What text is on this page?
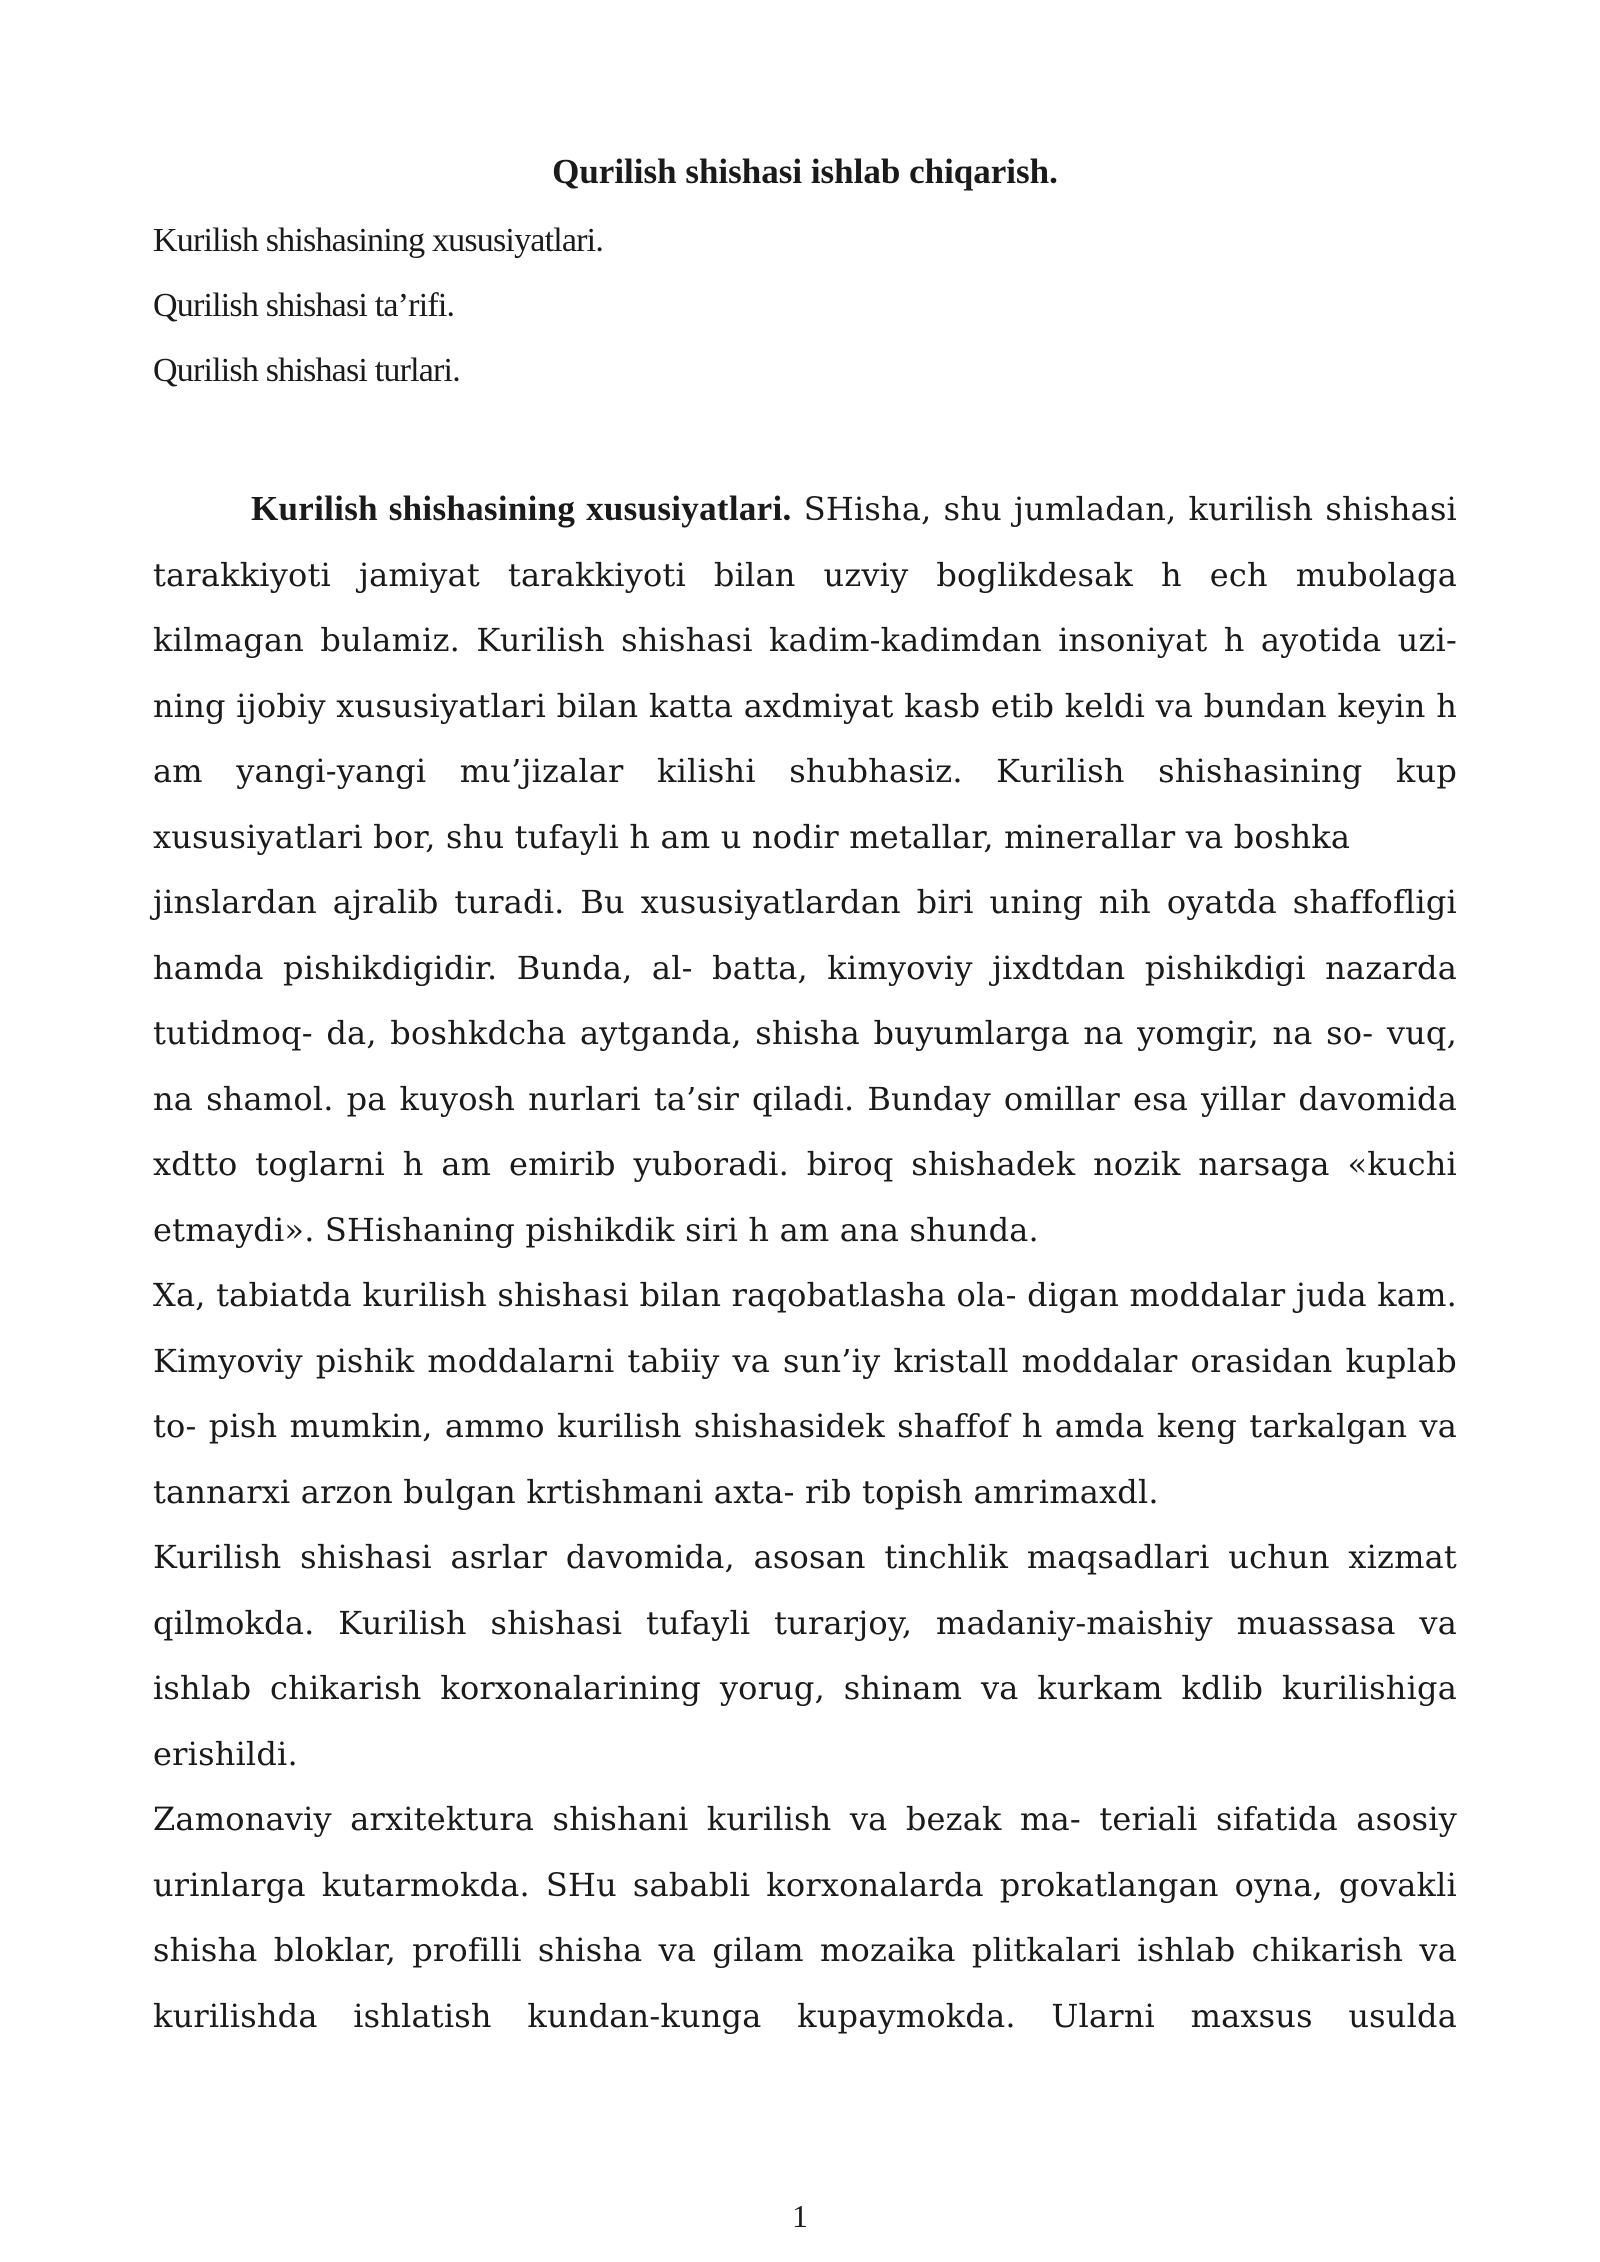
Qurilish shishasi ishlab chiqarish.
Kurilish shishasining xususiyatlari.
Qurilish shishasi ta’rifi.
Qurilish shishasi turlari.

Kurilish shishasining xususiyatlari. SHisha, shu jumladan, kurilish shishasi tarakkiyoti jamiyat tarakkiyoti bilan uzviy boglikdesak h ech mubolaga kilmagan bulamiz. Kurilish shishasi kadim-kadimdan insoniyat h ayotida uzi- ning ijobiy xususiyatlari bilan katta axdmiyat kasb etib keldi va bundan keyin h am yangi-yangi mu’jizalar kilishi shubhasiz. Kurilish shishasining kup xususiyatlari bor, shu tufayli h am u nodir metallar, minerallar va boshka

jinslardan ajralib turadi. Bu xususiyatlardan biri uning nih oyatda shaffofligi hamda pishikdigidir. Bunda, al- batta, kimyoviy jixdtdan pishikdigi nazarda tutidmoq- da, boshkdcha aytganda, shisha buyumlarga na yomgir, na so- vuq, na shamol. pa kuyosh nurlari ta’sir qiladi. Bunday omillar esa yillar davomida xdtto toglarni h am emirib yuboradi. biroq shishadek nozik narsaga «kuchi etmaydi». SHishaning pishikdik siri h am ana shunda.

Xa, tabiatda kurilish shishasi bilan raqobatlasha ola- digan moddalar juda kam. Kimyoviy pishik moddalarni tabiiy va sun’iy kristall moddalar orasidan kuplab to- pish mumkin, ammo kurilish shishasidek shaffof h amda keng tarkalgan va tannarxi arzon bulgan krtishmani axta- rib topish amrimaxdl.

Kurilish shishasi asrlar davomida, asosan tinchlik maqsadlari uchun xizmat qilmokda. Kurilish shishasi tufayli turarjoy, madaniy-maishiy muassasa va ishlab chikarish korxonalarining yorug, shinam va kurkam kdlib kurilishiga erishildi.

Zamonaviy arxitektura shishani kurilish va bezak ma- teriali sifatida asosiy urinlarga kutarmokda. SHu sababli korxonalarda prokatlangan oyna, govakli shisha bloklar, profilli shisha va gilam mozaika plitkalari ishlab chikarish va kurilishda ishlatish kundan-kunga kupaymokda. Ularni maxsus usulda

1
